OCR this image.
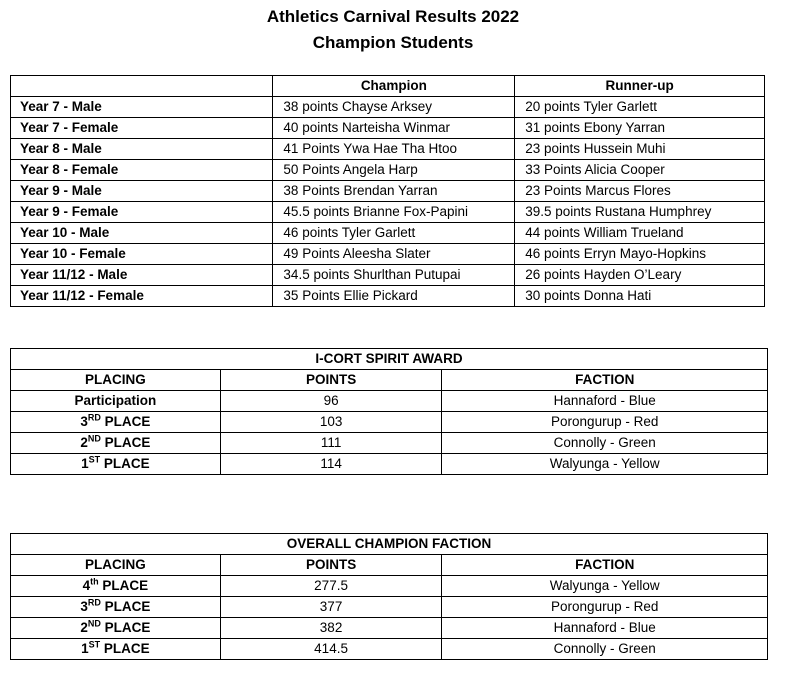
Athletics Carnival Results 2022
Champion Students
	Champion	Runner-up
Year 7 - Male	38 points Chayse Arksey	20 points Tyler Garlett
Year 7 - Female	40 points Narteisha Winmar	31 points Ebony Yarran
Year 8 - Male	41 Points Ywa Hae Tha Htoo	23 points Hussein Muhi
Year 8 - Female	50 Points Angela Harp	33 Points Alicia Cooper
Year 9 - Male	38 Points Brendan Yarran	23 Points Marcus Flores
Year 9 - Female	45.5 points Brianne Fox-Papini	39.5 points Rustana Humphrey
Year 10 - Male	46 points Tyler Garlett	44 points William Trueland
Year 10 - Female	49 Points Aleesha Slater	46 points Erryn Mayo-Hopkins
Year 11/12 - Male	34.5 points Shurlthan Putupai	26 points Hayden O’Leary
Year 11/12 - Female	35 Points Ellie Pickard	30 points Donna Hati
I-CORT SPIRIT AWARD		
PLACING	POINTS	FACTION
Participation	96	Hannaford - Blue
3RD PLACE	103	Porongurup - Red
2ND PLACE	111	Connolly - Green
1ST PLACE	114	Walyunga - Yellow
OVERALL CHAMPION FACTION		
PLACING	POINTS	FACTION
4th PLACE	277.5	Walyunga - Yellow
3RD PLACE	377	Porongurup - Red
2ND PLACE	382	Hannaford - Blue
1ST PLACE	414.5	Connolly - Green
